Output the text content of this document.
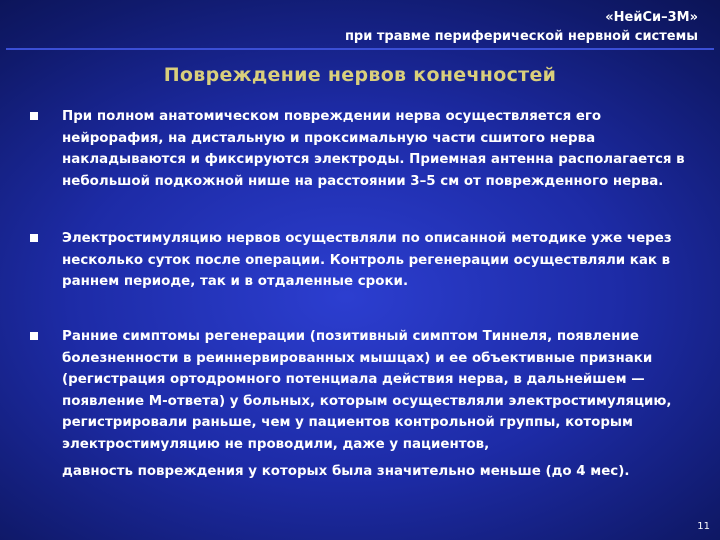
«НейСи–3М»
при травме периферической нервной системы
Повреждение нервов конечностей
При полном анатомическом повреждении нерва осуществляется его нейрорафия, на дистальную и проксимальную части сшитого нерва накладываются и фиксируются электроды. Приемная антенна располагается в небольшой подкожной нише на расстоянии 3–5 см от поврежденного нерва.
Электростимуляцию нервов осуществляли по описанной методике уже через несколько суток после операции. Контроль регенерации осуществляли как в раннем периоде, так и в отдаленные сроки.
Ранние симптомы регенерации (позитивный симптом Тиннеля, появление болезненности в реиннервированных мышцах) и ее объективные признаки (регистрация ортодромного потенциала действия нерва, в дальнейшем — появление М-ответа) у больных, которым осуществляли электростимуляцию, регистрировали раньше, чем у пациентов контрольной группы, которым электростимуляцию не проводили, даже у пациентов,
давность повреждения у которых была значительно меньше (до 4 мес).
11
